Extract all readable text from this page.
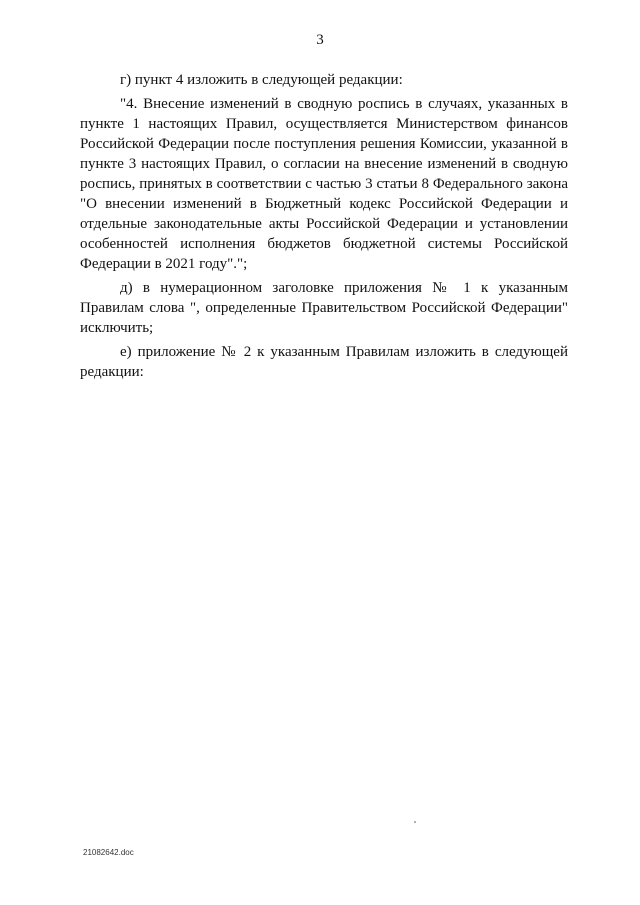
3

г) пункт 4 изложить в следующей редакции:

"4. Внесение изменений в сводную роспись в случаях, указанных в пункте 1 настоящих Правил, осуществляется Министерством финансов Российской Федерации после поступления решения Комиссии, указанной в пункте 3 настоящих Правил, о согласии на внесение изменений в сводную роспись, принятых в соответствии с частью 3 статьи 8 Федерального закона "О внесении изменений в Бюджетный кодекс Российской Федерации и отдельные законодательные акты Российской Федерации и установлении особенностей исполнения бюджетов бюджетной системы Российской Федерации в 2021 году".";

д) в нумерационном заголовке приложения № 1 к указанным Правилам слова ", определенные Правительством Российской Федерации" исключить;

е) приложение № 2 к указанным Правилам изложить в следующей редакции:

21082642.doc
